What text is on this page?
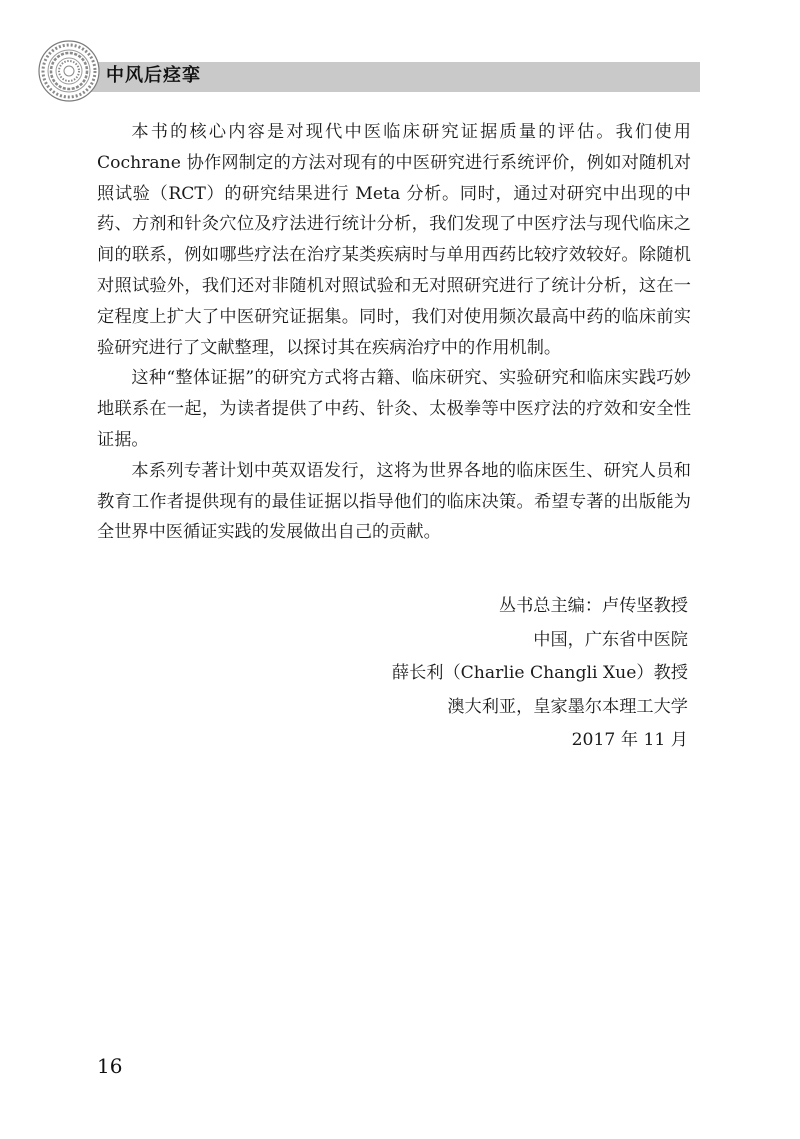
中风后痉挛

本书的核心内容是对现代中医临床研究证据质量的评估。我们使用Cochrane 协作网制定的方法对现有的中医研究进行系统评价，例如对随机对照试验（RCT）的研究结果进行 Meta 分析。同时，通过对研究中出现的中药、方剂和针灸穴位及疗法进行统计分析，我们发现了中医疗法与现代临床之间的联系，例如哪些疗法在治疗某类疾病时与单用西药比较疗效较好。除随机对照试验外，我们还对非随机对照试验和无对照研究进行了统计分析，这在一定程度上扩大了中医研究证据集。同时，我们对使用频次最高中药的临床前实验研究进行了文献整理，以探讨其在疾病治疗中的作用机制。

这种“整体证据”的研究方式将古籍、临床研究、实验研究和临床实践巧妙地联系在一起，为读者提供了中药、针灸、太极拳等中医疗法的疗效和安全性证据。

本系列专著计划中英双语发行，这将为世界各地的临床医生、研究人员和教育工作者提供现有的最佳证据以指导他们的临床决策。希望专著的出版能为全世界中医循证实践的发展做出自己的贡献。

丛书总主编：卢传坚教授
中国，广东省中医院
薛长利（Charlie Changli Xue）教授
澳大利亚，皇家墨尔本理工大学
2017 年 11 月
16
